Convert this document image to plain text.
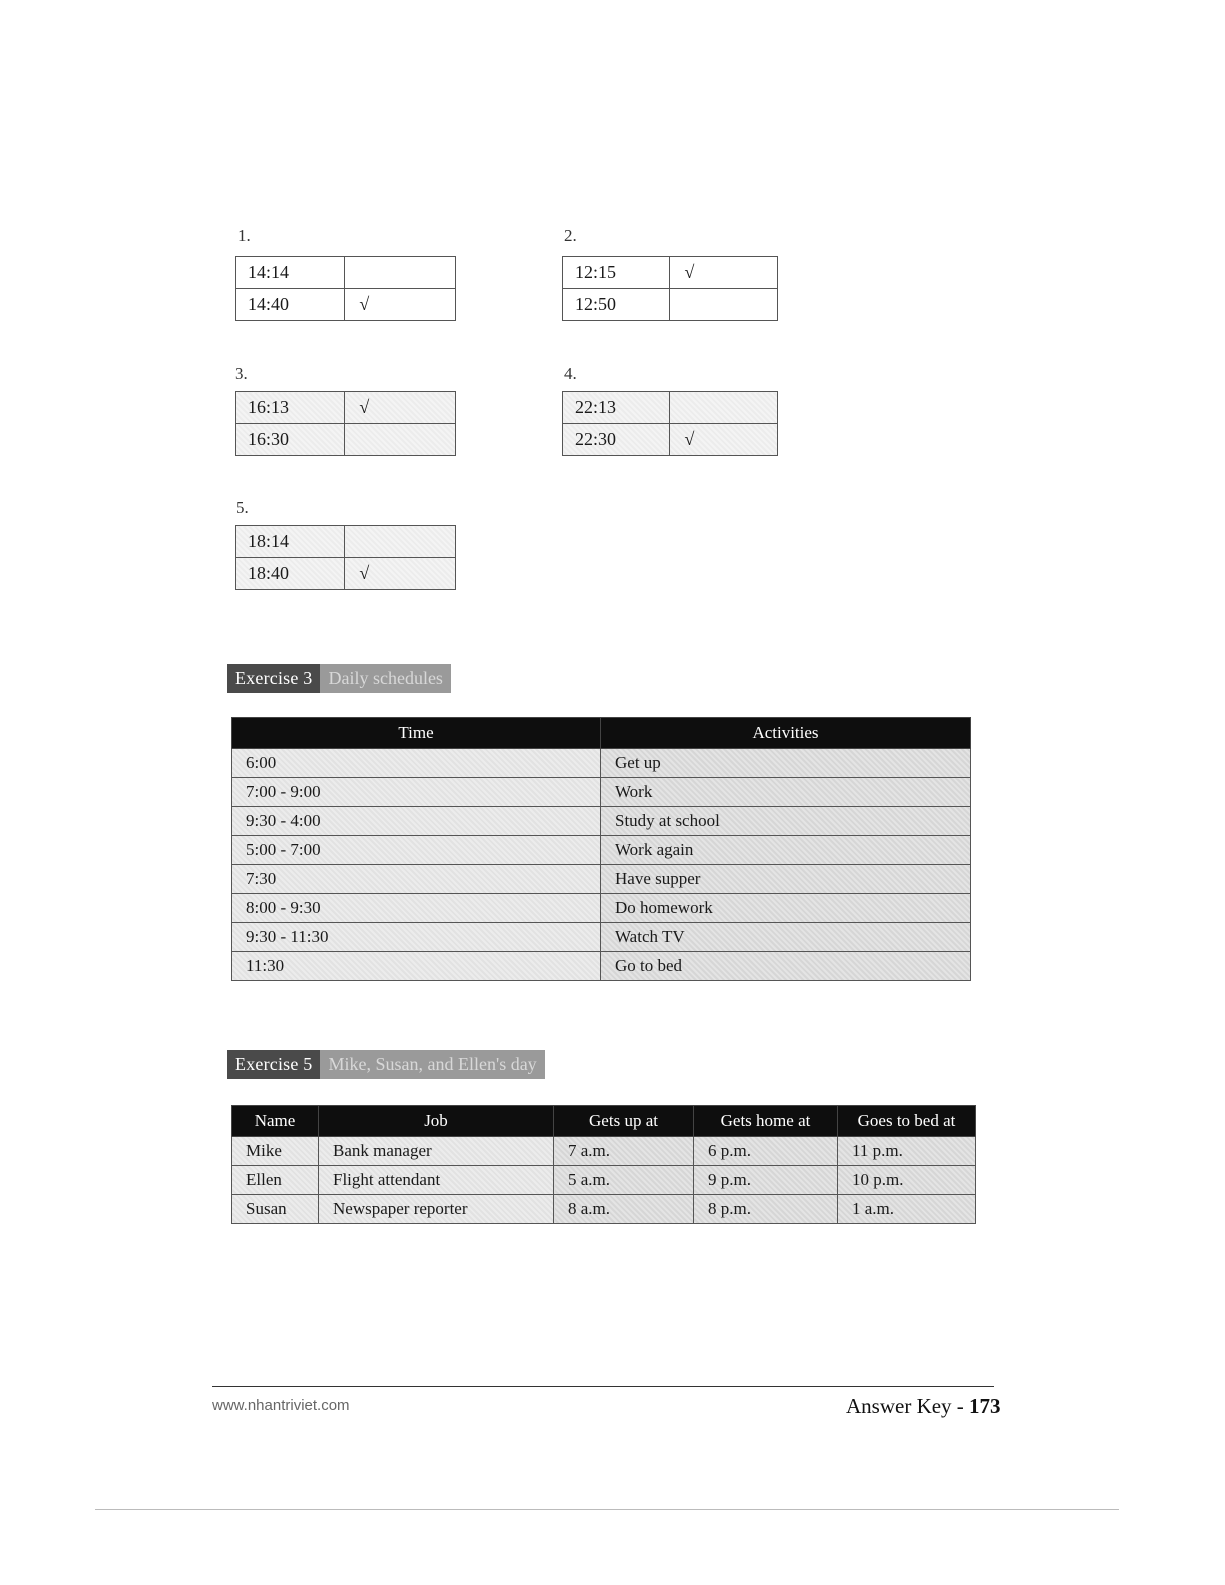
1.
14:14	
14:40	√
2.
12:15	√
12:50	
3.
16:13	√
16:30	
4.
22:13	
22:30	√
5.
18:14	
18:40	√
Exercise 3 Daily schedules
Time	Activities
6:00	Get up
7:00 - 9:00	Work
9:30 - 4:00	Study at school
5:00 - 7:00	Work again
7:30	Have supper
8:00 - 9:30	Do homework
9:30 - 11:30	Watch TV
11:30	Go to bed
Exercise 5 Mike, Susan, and Ellen's day
Name	Job	Gets up at	Gets home at	Goes to bed at
Mike	Bank manager	7 a.m.	6 p.m.	11 p.m.
Ellen	Flight attendant	5 a.m.	9 p.m.	10 p.m.
Susan	Newspaper reporter	8 a.m.	8 p.m.	1 a.m.
www.nhantriviet.com	Answer Key - 173
